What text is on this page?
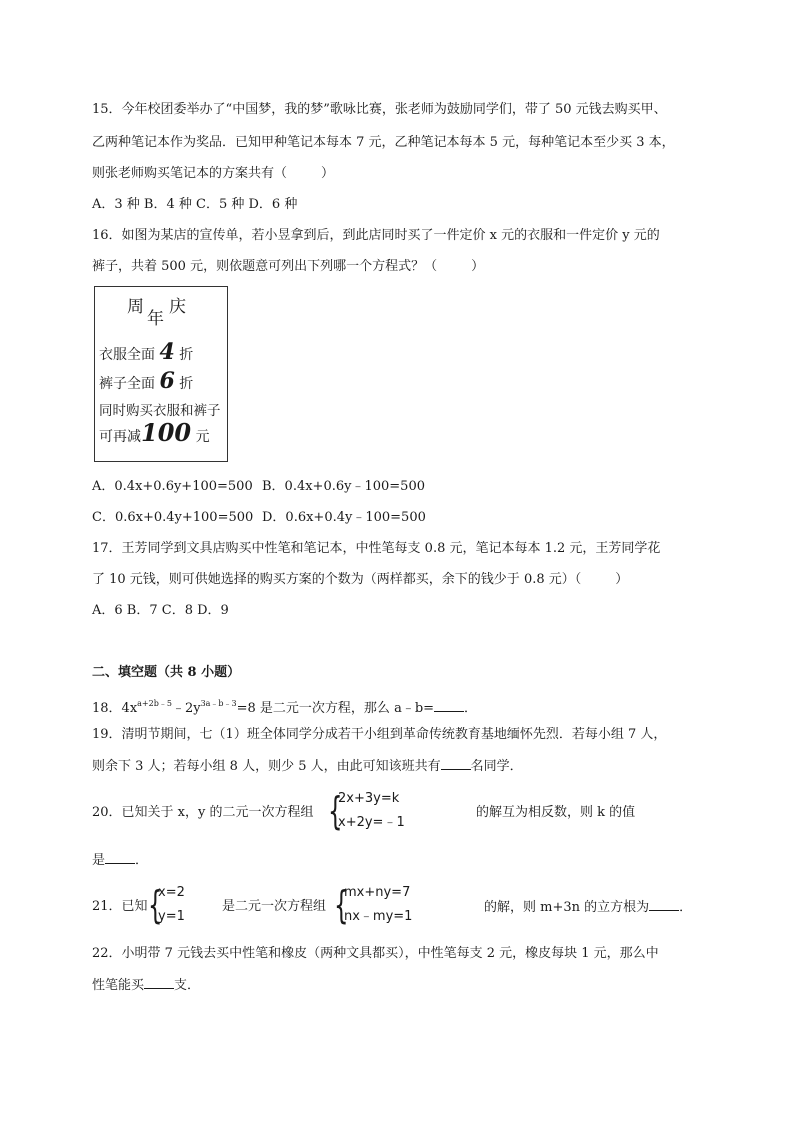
15．今年校团委举办了“中国梦，我的梦”歌咏比赛，张老师为鼓励同学们，带了 50 元钱去购买甲、
乙两种笔记本作为奖品．已知甲种笔记本每本 7 元，乙种笔记本每本 5 元，每种笔记本至少买 3 本，
则张老师购买笔记本的方案共有（	）
A．3 种 B．4 种 C．5 种 D．6 种
16．如图为某店的宣传单，若小昱拿到后，到此店同时买了一件定价 x 元的衣服和一件定价 y 元的
裤子，共着 500 元，则依题意可列出下列哪一个方程式？（	）
周
年
庆
衣服全面 4 折
裤子全面 6 折
同时购买衣服和裤子
可再减100 元
A．0.4x+0.6y+100=500 B．0.4x+0.6y﹣100=500
C．0.6x+0.4y+100=500 D．0.6x+0.4y﹣100=500
17．王芳同学到文具店购买中性笔和笔记本，中性笔每支 0.8 元，笔记本每本 1.2 元，王芳同学花
了 10 元钱，则可供她选择的购买方案的个数为（两样都买，余下的钱少于 0.8 元）（	）
A．6 B．7 C．8 D．9
二、填空题（共 8 小题）
18．$4x^{a+2b﹣5}﹣2y^{3a﹣b﹣3}=8$ 是二元一次方程，那么 a﹣b= ．
19．清明节期间，七（1）班全体同学分成若干小组到革命传统教育基地缅怀先烈．若每小组 7 人，
则余下 3 人；若每小组 8 人，则少 5 人，由此可知该班共有 名同学．
20．已知关于 x，y 的二元一次方程组 {
2x+3y=k
x+2y=﹣1
的解互为相反数，则 k 的值
是 ．
21．已知 {
x=2
y=1
是二元一次方程组 {
mx+ny=7
nx﹣my=1
的解，则 m+3n 的立方根为 ．
22．小明带 7 元钱去买中性笔和橡皮（两种文具都买），中性笔每支 2 元，橡皮每块 1 元，那么中
性笔能买 支．
